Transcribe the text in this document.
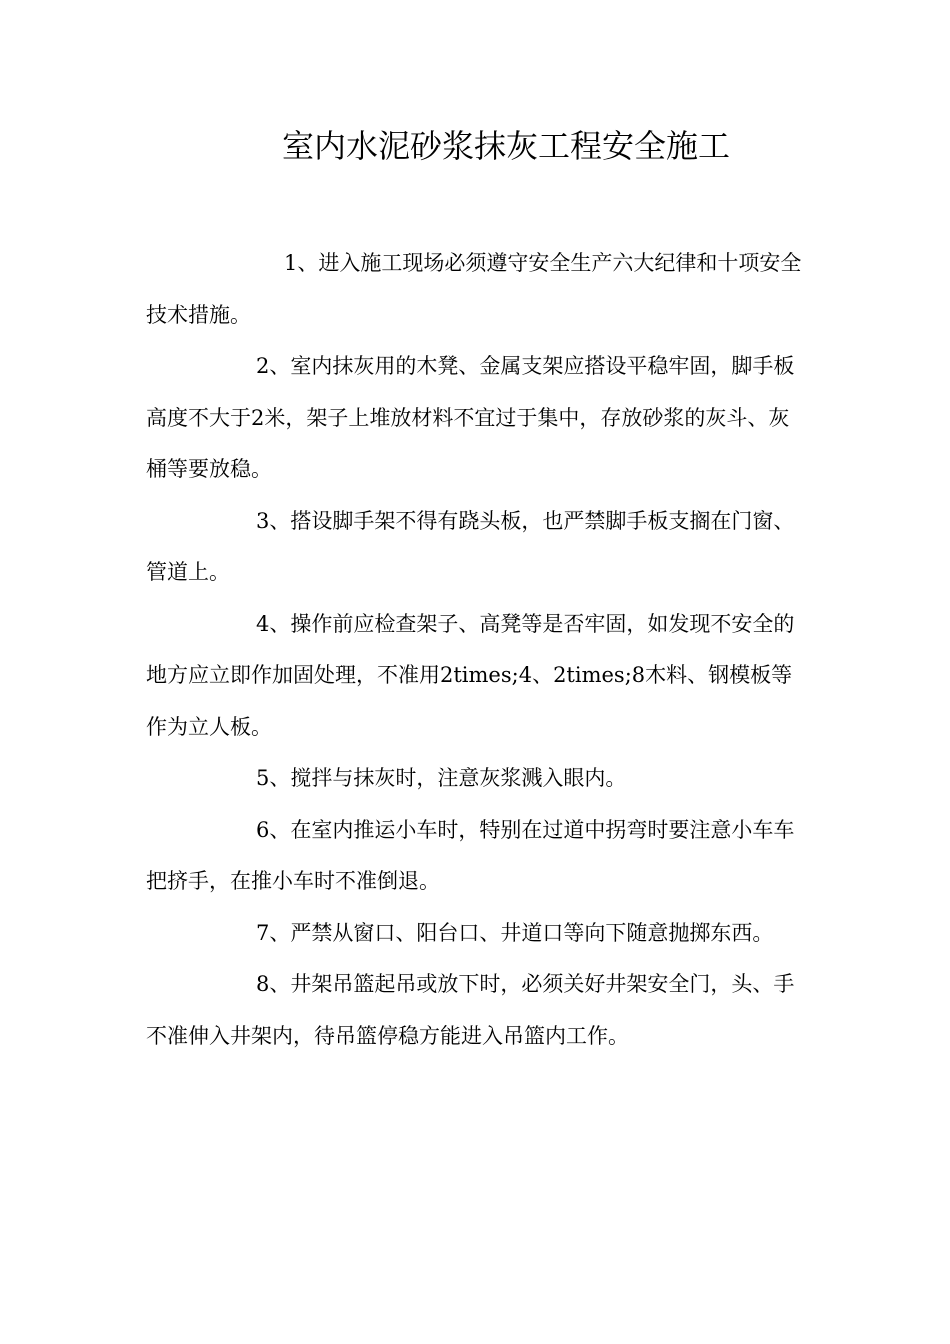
室内水泥砂浆抹灰工程安全施工

1、进入施工现场必须遵守安全生产六大纪律和十项安全技术措施。

2、室内抹灰用的木凳、金属支架应搭设平稳牢固，脚手板高度不大于2米，架子上堆放材料不宜过于集中，存放砂浆的灰斗、灰桶等要放稳。

3、搭设脚手架不得有跷头板，也严禁脚手板支搁在门窗、管道上。

4、操作前应检查架子、高凳等是否牢固，如发现不安全的地方应立即作加固处理，不准用2times;4、2times;8木料、钢模板等作为立人板。

5、搅拌与抹灰时，注意灰浆溅入眼内。

6、在室内推运小车时，特别在过道中拐弯时要注意小车车把挤手，在推小车时不准倒退。

7、严禁从窗口、阳台口、井道口等向下随意抛掷东西。

8、井架吊篮起吊或放下时，必须关好井架安全门，头、手不准伸入井架内，待吊篮停稳方能进入吊篮内工作。
